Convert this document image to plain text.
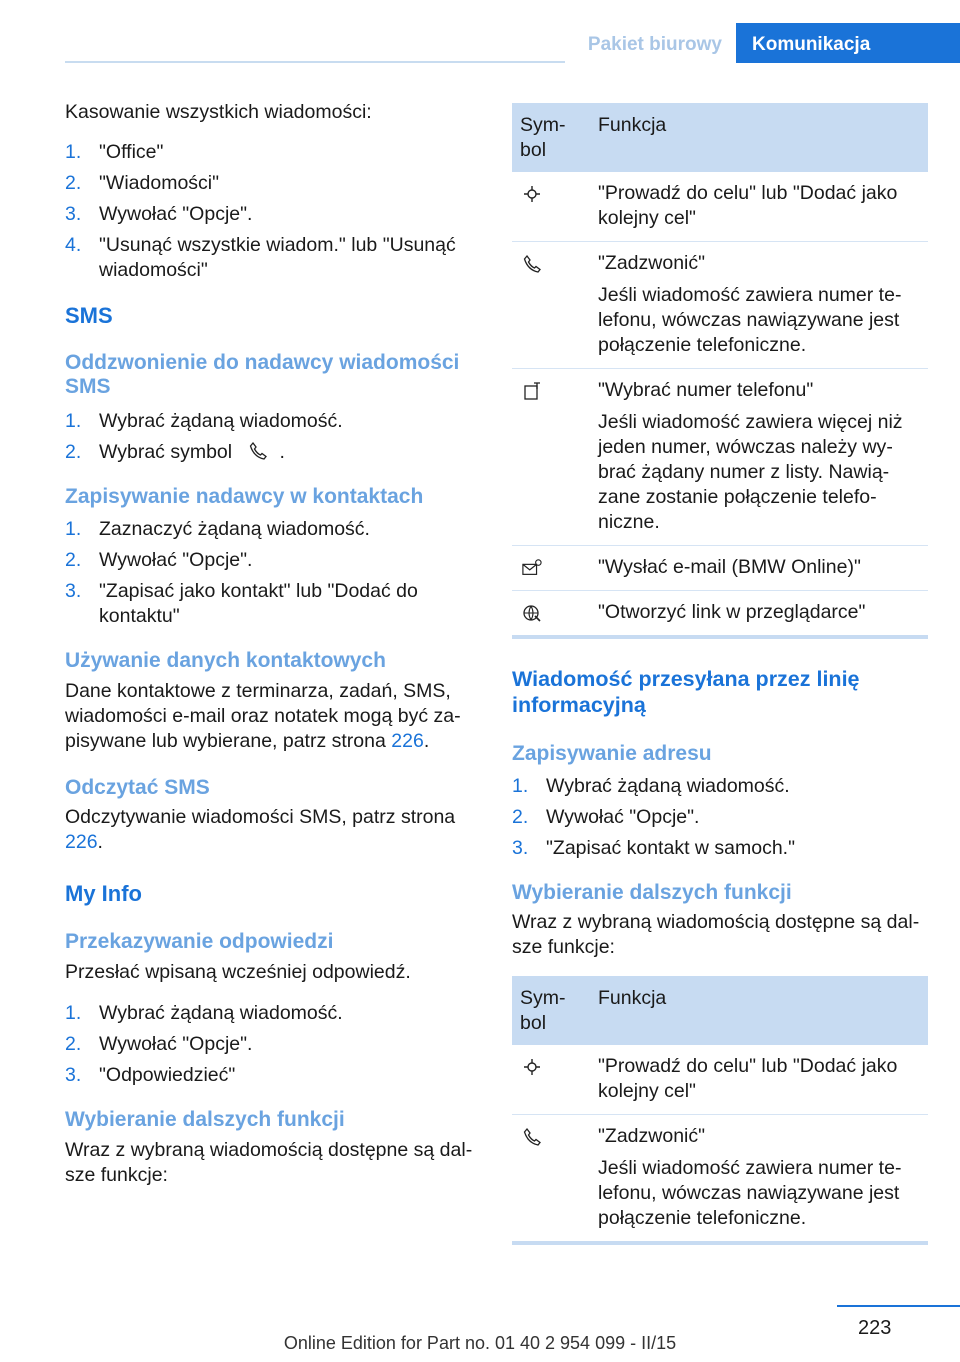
Pakiet biurowy	Komunikacja

Kasowanie wszystkich wiadomości:

1. "Office"
2. "Wiadomości"
3. Wywołać "Opcje".
4. "Usunąć wszystkie wiadom." lub "Usunąć wiadomości"

SMS

Oddzwonienie do nadawcy wiadomości SMS

1. Wybrać żądaną wiadomość.
2. Wybrać symbol .

Zapisywanie nadawcy w kontaktach

1. Zaznaczyć żądaną wiadomość.
2. Wywołać "Opcje".
3. "Zapisać jako kontakt" lub "Dodać do kontaktu"

Używanie danych kontaktowych

Dane kontaktowe z terminarza, zadań, SMS, wiadomości e-mail oraz notatek mogą być zapisywane lub wybierane, patrz strona 226.

Odczytać SMS

Odczytywanie wiadomości SMS, patrz strona 226.

My Info

Przekazywanie odpowiedzi

Przesłać wpisaną wcześniej odpowiedź.

1. Wybrać żądaną wiadomość.
2. Wywołać "Opcje".
3. "Odpowiedzieć"

Wybieranie dalszych funkcji

Wraz z wybraną wiadomością dostępne są dalsze funkcje:

Symbol	Funkcja

"Prowadź do celu" lub "Dodać jako kolejny cel"

"Zadzwonić"

Jeśli wiadomość zawiera numer telefonu, wówczas nawiązywane jest połączenie telefoniczne.

"Wybrać numer telefonu"

Jeśli wiadomość zawiera więcej niż jeden numer, wówczas należy wybrać żądany numer z listy. Nawiązane zostanie połączenie telefoniczne.

"Wysłać e-mail (BMW Online)"

"Otworzyć link w przeglądarce"

Wiadomość przesyłana przez linię informacyjną

Zapisywanie adresu

1. Wybrać żądaną wiadomość.
2. Wywołać "Opcje".
3. "Zapisać kontakt w samoch."

Wybieranie dalszych funkcji

Wraz z wybraną wiadomością dostępne są dalsze funkcje:

Symbol	Funkcja

"Prowadź do celu" lub "Dodać jako kolejny cel"

"Zadzwonić"

Jeśli wiadomość zawiera numer telefonu, wówczas nawiązywane jest połączenie telefoniczne.

223
Online Edition for Part no. 01 40 2 954 099 - II/15
